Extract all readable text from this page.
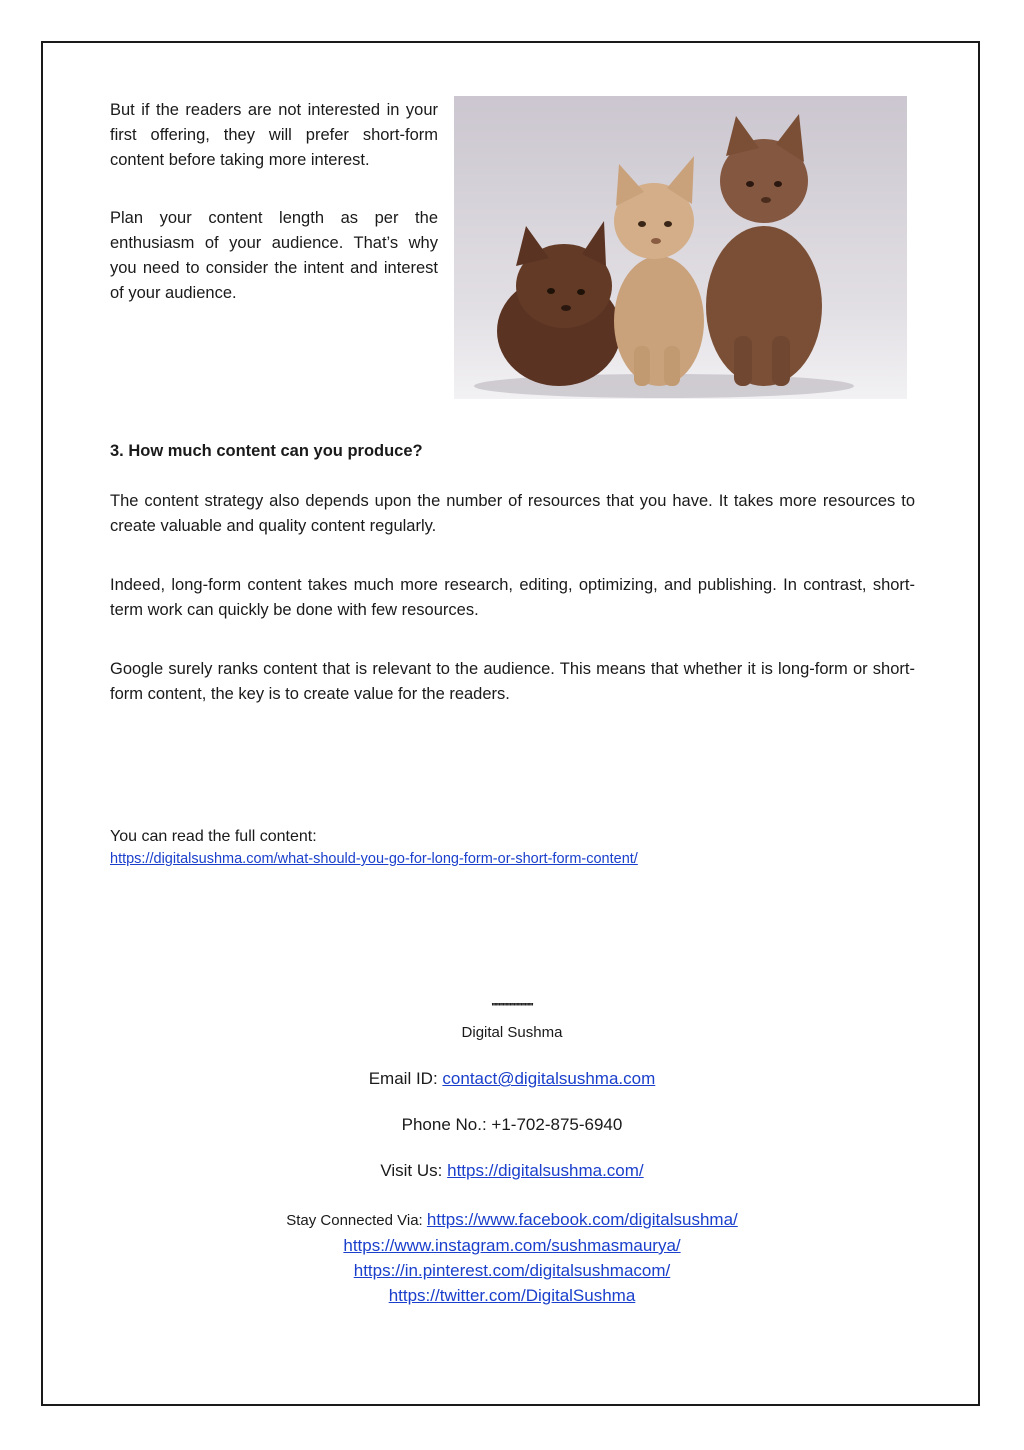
But if the readers are not interested in your first offering, they will prefer short-form content before taking more interest.

Plan your content length as per the enthusiasm of your audience. That’s why you need to consider the intent and interest of your audience.

3. How much content can you produce?

The content strategy also depends upon the number of resources that you have. It takes more resources to create valuable and quality content regularly.

Indeed, long-form content takes much more research, editing, optimizing, and publishing. In contrast, short-term work can quickly be done with few resources.

Google surely ranks content that is relevant to the audience. This means that whether it is long-form or short-form content, the key is to create value for the readers.

You can read the full content:
https://digitalsushma.com/what-should-you-go-for-long-form-or-short-form-content/
''''''''''''''''''''''''''''''
Digital Sushma
Email ID: contact@digitalsushma.com
Phone No.: +1-702-875-6940
Visit Us: https://digitalsushma.com/
Stay Connected Via: https://www.facebook.com/digitalsushma/
https://www.instagram.com/sushmasmaurya/
https://in.pinterest.com/digitalsushmacom/
https://twitter.com/DigitalSushma
